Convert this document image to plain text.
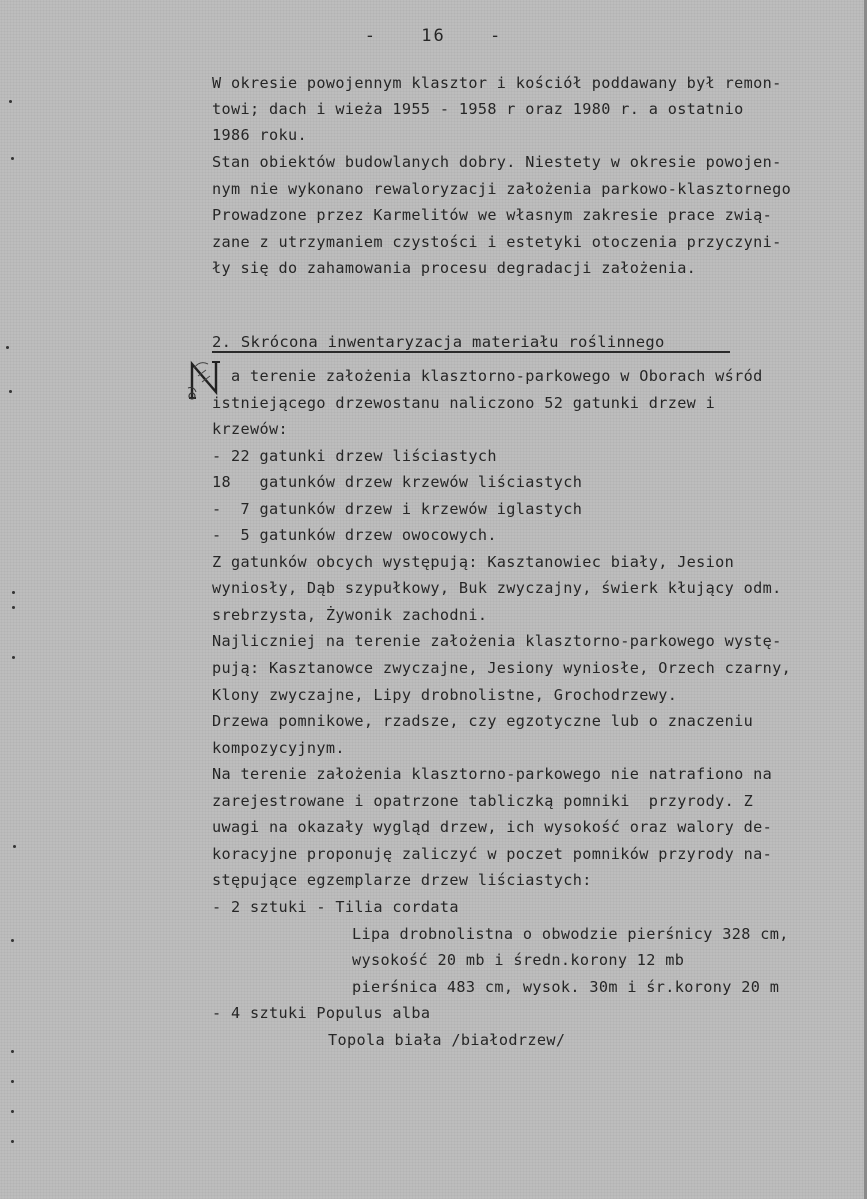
- 16 -
W okresie powojennym klasztor i kościół poddawany był remon-
towi; dach i wieża 1955 - 1958 r oraz 1980 r. a ostatnio
1986 roku.
Stan obiektów budowlanych dobry. Niestety w okresie powojen-
nym nie wykonano rewaloryzacji założenia parkowo-klasztornego
Prowadzone przez Karmelitów we własnym zakresie prace zwią-
zane z utrzymaniem czystości i estetyki otoczenia przyczyni-
ły się do zahamowania procesu degradacji założenia.
2. Skrócona inwentaryzacja materiału roślinnego
a terenie założenia klasztorno-parkowego w Oborach wśród
istniejącego drzewostanu naliczono 52 gatunki drzew i
krzewów:
- 22 gatunki drzew liściastych
18   gatunków drzew krzewów liściastych
-  7 gatunków drzew i krzewów iglastych
-  5 gatunków drzew owocowych.
Z gatunków obcych występują: Kasztanowiec biały, Jesion
wyniosły, Dąb szypułkowy, Buk zwyczajny, świerk kłujący odm.
srebrzysta, Żywonik zachodni.
Najliczniej na terenie założenia klasztorno-parkowego wystę-
pują: Kasztanowce zwyczajne, Jesiony wyniosłe, Orzech czarny,
Klony zwyczajne, Lipy drobnolistne, Grochodrzewy.
Drzewa pomnikowe, rzadsze, czy egzotyczne lub o znaczeniu
kompozycyjnym.
Na terenie założenia klasztorno-parkowego nie natrafiono na
zarejestrowane i opatrzone tabliczką pomniki  przyrody. Z
uwagi na okazały wygląd drzew, ich wysokość oraz walory de-
koracyjne proponuję zaliczyć w poczet pomników przyrody na-
stępujące egzemplarze drzew liściastych:
- 2 sztuki - Tilia cordata
Lipa drobnolistna o obwodzie pierśnicy 328 cm,
wysokość 20 mb i średn.korony 12 mb
pierśnica 483 cm, wysok. 30m i śr.korony 20 m
- 4 sztuki Populus alba
Topola biała /białodrzew/
